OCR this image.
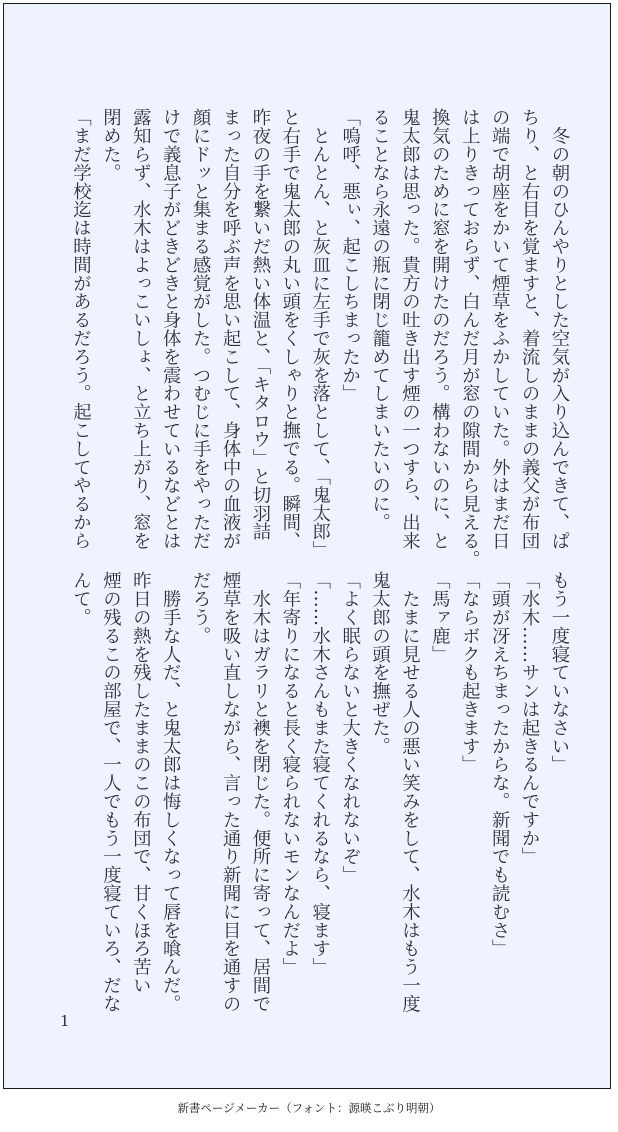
　冬の朝のひんやりとした空気が入り込んできて、ぱ
ちり、と右目を覚ますと、着流しのままの義父が布団
の端で胡座をかいて煙草をふかしていた。外はまだ日
は上りきっておらず、白んだ月が窓の隙間から見える。
換気のために窓を開けたのだろう。構わないのに、と
鬼太郎は思った。貴方の吐き出す煙の一つすら、出来
ることなら永遠の瓶に閉じ籠めてしまいたいのに。
「嗚呼、悪ぃ、起こしちまったか」
　とんとん、と灰皿に左手で灰を落として、「鬼太郎」
と右手で鬼太郎の丸い頭をくしゃりと撫でる。瞬間、
昨夜の手を繋いだ熱い体温と、「キタロウ」と切羽詰
まった自分を呼ぶ声を思い起こして、身体中の血液が
顔にドッと集まる感覚がした。つむじに手をやっただ
けで義息子がどきどきと身体を震わせているなどとは
露知らず、水木はよっこいしょ、と立ち上がり、窓を
閉めた。
「まだ学校迄は時間があるだろう。起こしてやるから
もう一度寝ていなさい」
「水木……サンは起きるんですか」
「頭が冴えちまったからな。新聞でも読むさ」
「ならボクも起きます」
「馬ァ鹿」
　たまに見せる人の悪い笑みをして、水木はもう一度
鬼太郎の頭を撫ぜた。
「よく眠らないと大きくなれないぞ」
「……水木さんもまた寝てくれるなら、寝ます」
「年寄りになると長く寝られないモンなんだよ」
　水木はガラリと襖を閉じた。便所に寄って、居間で
煙草を吸い直しながら、言った通り新聞に目を通すの
だろう。
　勝手な人だ、と鬼太郎は悔しくなって唇を喰んだ。
昨日の熱を残したままのこの布団で、甘くほろ苦い
煙の残るこの部屋で、一人でもう一度寝ていろ、だな
んて。
1
新書ページメーカー（フォント：源暎こぶり明朝）
